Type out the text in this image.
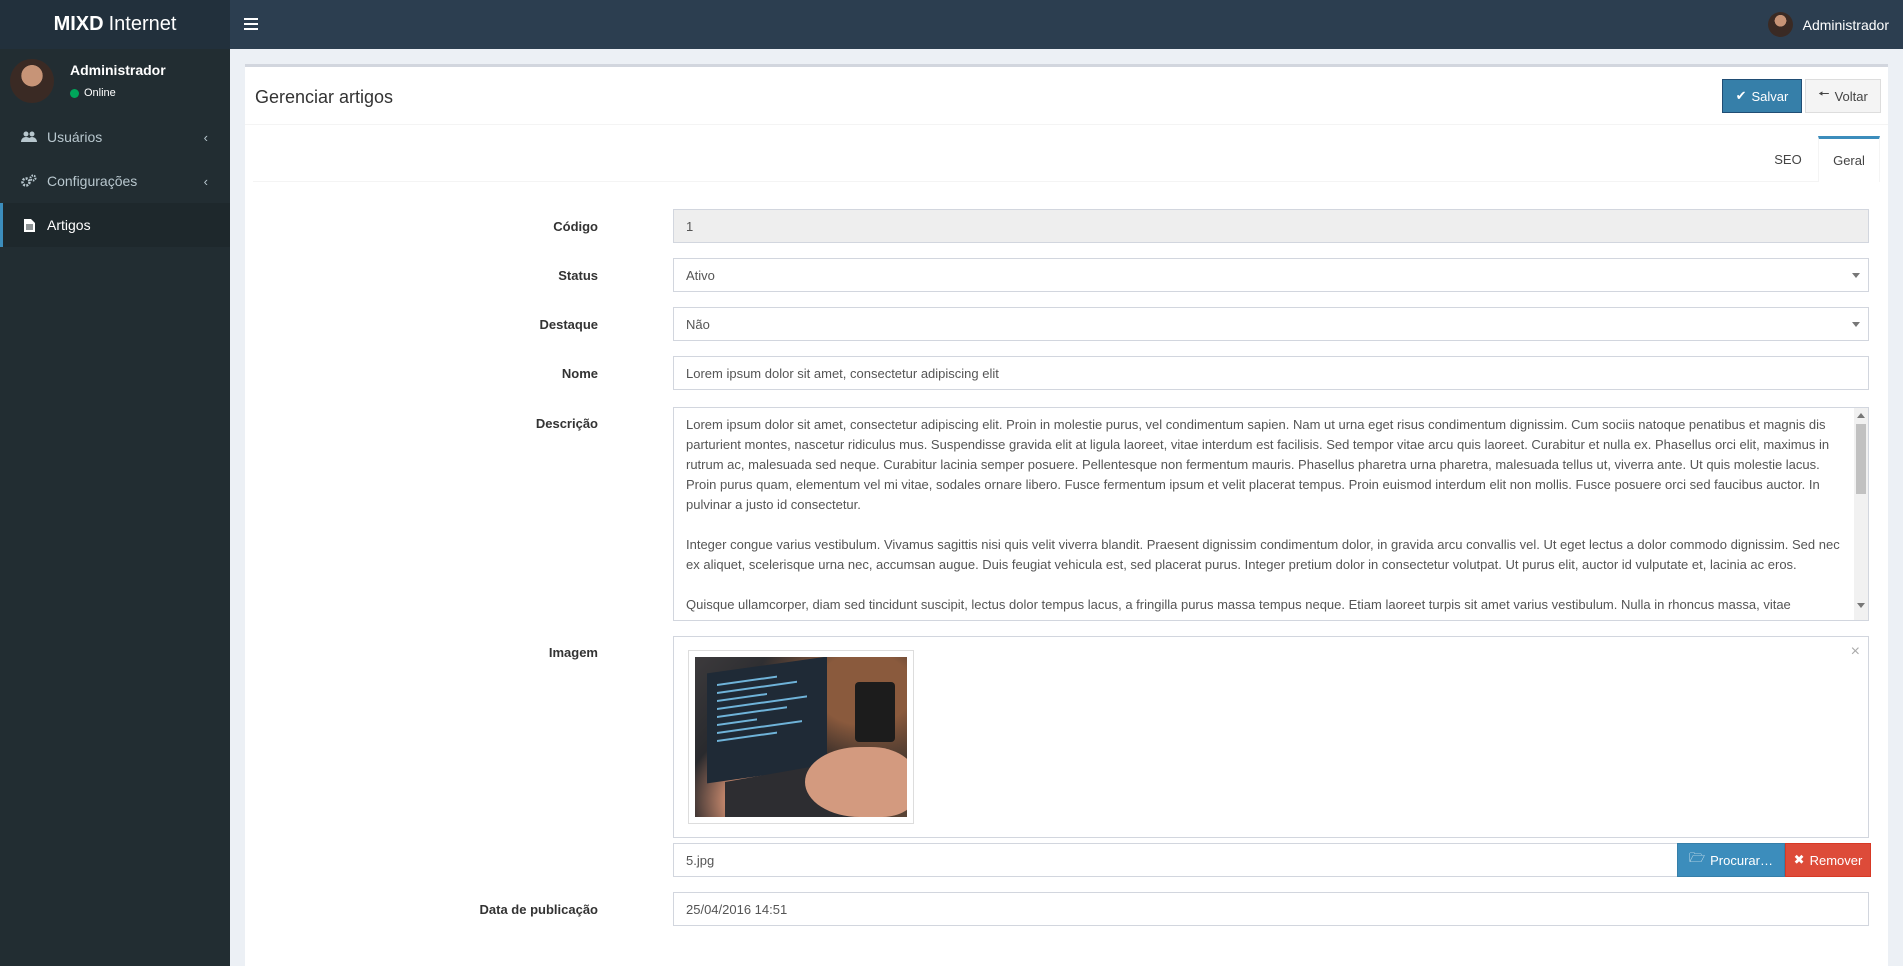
MIXD Internet	Administrador
Administrador
Online
Usuários	‹
Configurações	‹
Artigos
Gerenciar artigos	✔ Salvar 🠔 Voltar
SEO	Geral
Código	1
Status	Ativo
Destaque	Não
Nome	Lorem ipsum dolor sit amet, consectetur adipiscing elit
Descrição	Lorem ipsum dolor sit amet, consectetur adipiscing elit. Proin in molestie purus, vel condimentum sapien. Nam ut urna eget risus condimentum dignissim. Cum sociis natoque penatibus et magnis dis parturient montes, nascetur ridiculus mus. Suspendisse gravida elit at ligula laoreet, vitae interdum est facilisis. Sed tempor vitae arcu quis laoreet. Curabitur et nulla ex. Phasellus orci elit, maximus in rutrum ac, malesuada sed neque. Curabitur lacinia semper posuere. Pellentesque non fermentum mauris. Phasellus pharetra urna pharetra, malesuada tellus ut, viverra ante. Ut quis molestie lacus. Proin purus quam, elementum vel mi vitae, sodales ornare libero. Fusce fermentum ipsum et velit placerat tempus. Proin euismod interdum elit non mollis. Fusce posuere orci sed faucibus auctor. In pulvinar a justo id consectetur.

Integer congue varius vestibulum. Vivamus sagittis nisi quis velit viverra blandit. Praesent dignissim condimentum dolor, in gravida arcu convallis vel. Ut eget lectus a dolor commodo dignissim. Sed nec ex aliquet, scelerisque urna nec, accumsan augue. Duis feugiat vehicula est, sed placerat purus. Integer pretium dolor in consectetur volutpat. Ut purus elit, auctor id vulputate et, lacinia ac eros.

Quisque ullamcorper, diam sed tincidunt suscipit, lectus dolor tempus lacus, a fringilla purus massa tempus neque. Etiam laoreet turpis sit amet varius vestibulum. Nulla in rhoncus massa, vitae

Imagem	×
5.jpg	🗁 Procurar… ✖ Remover
Data de publicação	25/04/2016 14:51
